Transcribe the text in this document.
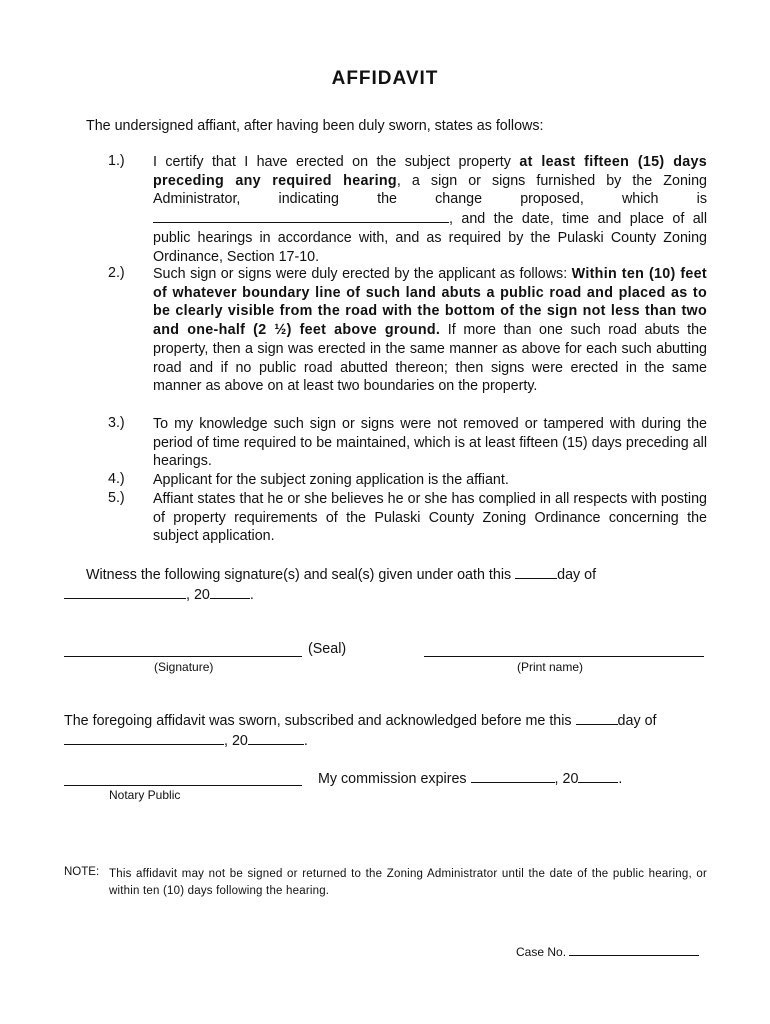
AFFIDAVIT
The undersigned affiant, after having been duly sworn, states as follows:
1.)	I certify that I have erected on the subject property at least fifteen (15) days preceding any required hearing, a sign or signs furnished by the Zoning Administrator, indicating the change proposed, which is , and the date, time and place of all public hearings in accordance with, and as required by the Pulaski County Zoning Ordinance, Section 17-10.
2.)	Such sign or signs were duly erected by the applicant as follows: Within ten (10) feet of whatever boundary line of such land abuts a public road and placed as to be clearly visible from the road with the bottom of the sign not less than two and one-half (2 ½) feet above ground. If more than one such road abuts the property, then a sign was erected in the same manner as above for each such abutting road and if no public road abutted thereon; then signs were erected in the same manner as above on at least two boundaries on the property.
3.)	To my knowledge such sign or signs were not removed or tampered with during the period of time required to be maintained, which is at least fifteen (15) days preceding all hearings.
4.)	Applicant for the subject zoning application is the affiant.
5.)	Affiant states that he or she believes he or she has complied in all respects with posting of property requirements of the Pulaski County Zoning Ordinance concerning the subject application.
Witness the following signature(s) and seal(s) given under oath this	day of
, 20	.
(Seal)
(Signature)	(Print name)
The foregoing affidavit was sworn, subscribed and acknowledged before me this	day of
, 20	.
My commission expires	, 20	.
Notary Public
NOTE: This affidavit may not be signed or returned to the Zoning Administrator until the date of the public hearing, or within ten (10) days following the hearing.
Case No.
